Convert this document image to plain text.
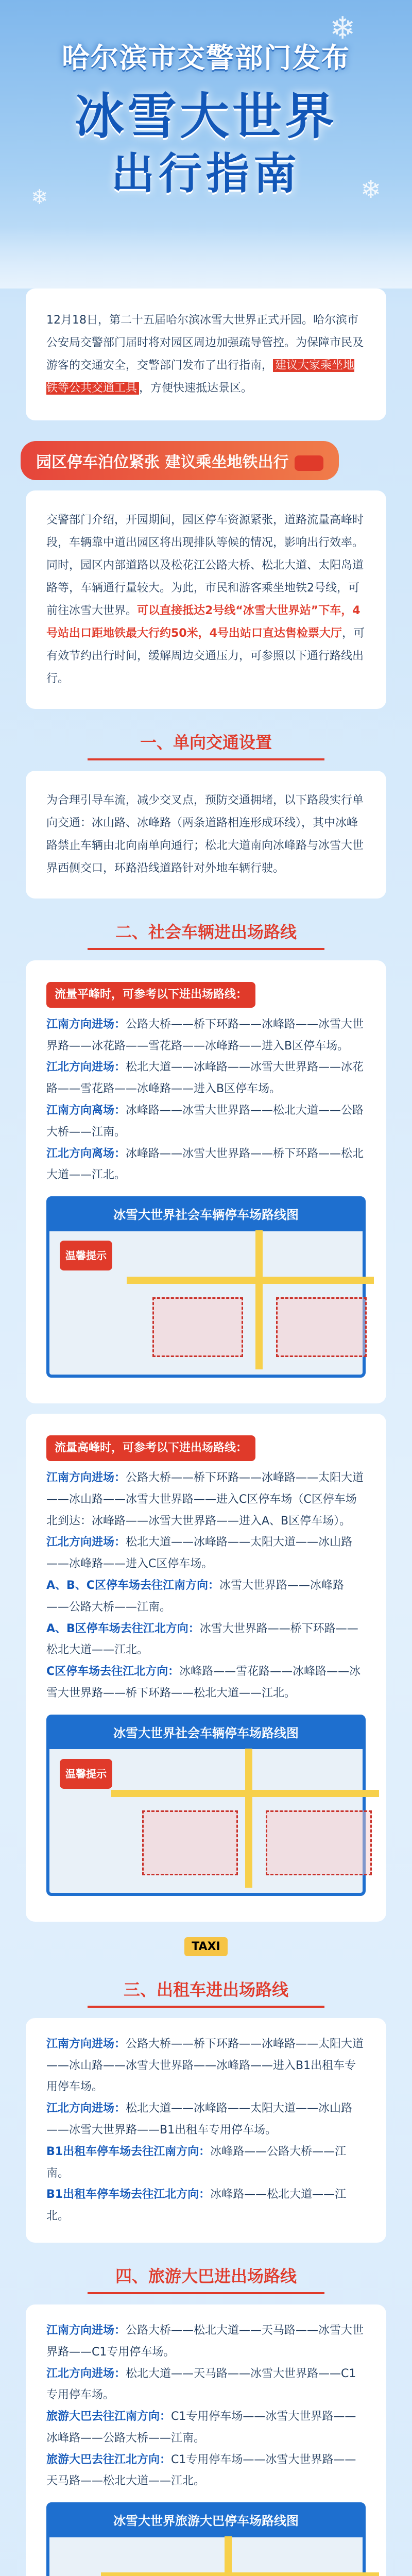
❄
❄	❄
哈尔滨市交警部门发布
冰雪大世界
出行指南
12月18日，第二十五届哈尔滨冰雪大世界正式开园。哈尔滨市公安局交警部门届时将对园区周边加强疏导管控。为保障市民及游客的交通安全，交警部门发布了出行指南， 建议大家乘坐地铁等公共交通工具 ，方便快速抵达景区。
园区停车泊位紧张 建议乘坐地铁出行
交警部门介绍，开园期间，园区停车资源紧张，道路流量高峰时段，车辆靠中道出园区将出现排队等候的情况，影响出行效率。同时，园区内部道路以及松花江公路大桥、松北大道、太阳岛道路等，车辆通行量较大。为此，市民和游客乘坐地铁2号线，可前往冰雪大世界。可以直接抵达2号线“冰雪大世界站”下车，4号站出口距地铁最大行约50米，4号出站口直达售检票大厅，可有效节约出行时间，缓解周边交通压力，可参照以下通行路线出行。
一、单向交通设置
为合理引导车流，减少交叉点，预防交通拥堵，以下路段实行单向交通：冰山路、冰峰路（两条道路相连形成环线），其中冰峰路禁止车辆由北向南单向通行；松北大道南向冰峰路与冰雪大世界西侧交口，环路沿线道路针对外地车辆行驶。
二、社会车辆进出场路线
流量平峰时，可参考以下进出场路线：
江南方向进场：公路大桥——桥下环路——冰峰路——冰雪大世界路——冰花路——雪花路——冰峰路——进入B区停车场。
江北方向进场：松北大道——冰峰路——冰雪大世界路——冰花路——雪花路——冰峰路——进入B区停车场。
江南方向离场：冰峰路——冰雪大世界路——松北大道——公路大桥——江南。
江北方向离场：冰峰路——冰雪大世界路——桥下环路——松北大道——江北。
冰雪大世界社会车辆停车场路线图
温馨提示
流量高峰时，可参考以下进出场路线：
江南方向进场：公路大桥——桥下环路——冰峰路——太阳大道——冰山路——冰雪大世界路——进入C区停车场（C区停车场北到达：冰峰路——冰雪大世界路——进入A、B区停车场）。
江北方向进场：松北大道——冰峰路——太阳大道——冰山路——冰峰路——进入C区停车场。
A、B、C区停车场去往江南方向：冰雪大世界路——冰峰路——公路大桥——江南。
A、B区停车场去往江北方向：冰雪大世界路——桥下环路——松北大道——江北。
C区停车场去往江北方向：冰峰路——雪花路——冰峰路——冰雪大世界路——桥下环路——松北大道——江北。
冰雪大世界社会车辆停车场路线图
温馨提示
TAXI
三、出租车进出场路线
江南方向进场：公路大桥——桥下环路——冰峰路——太阳大道——冰山路——冰雪大世界路——冰峰路——进入B1出租车专用停车场。
江北方向进场：松北大道——冰峰路——太阳大道——冰山路——冰雪大世界路——B1出租车专用停车场。
B1出租车停车场去往江南方向：冰峰路——公路大桥——江南。
B1出租车停车场去往江北方向：冰峰路——松北大道——江北。
四、旅游大巴进出场路线
江南方向进场：公路大桥——松北大道——天马路——冰雪大世界路——C1专用停车场。
江北方向进场：松北大道——天马路——冰雪大世界路——C1专用停车场。
旅游大巴去往江南方向：C1专用停车场——冰雪大世界路——冰峰路——公路大桥——江南。
旅游大巴去往江北方向：C1专用停车场——冰雪大世界路——天马路——松北大道——江北。
冰雪大世界旅游大巴停车场路线图
